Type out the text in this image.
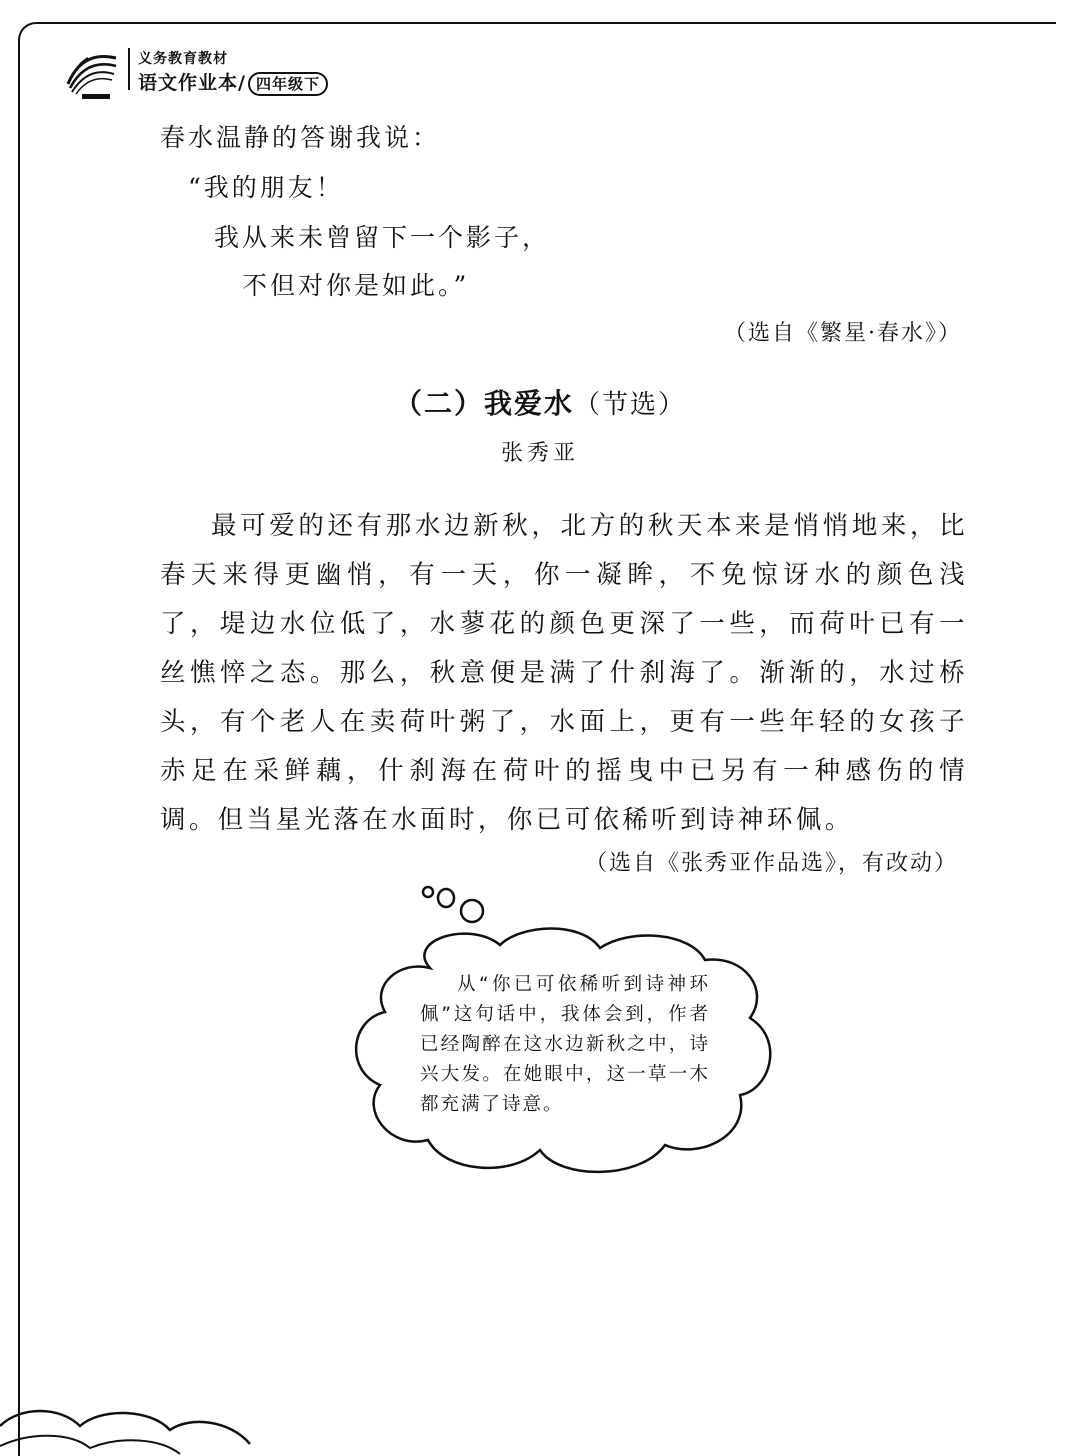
义务教育教材
语文作业本/ 四年级下
春水温静的答谢我说：
“我的朋友！
我从来未曾留下一个影子，
不但对你是如此。”
（选自《繁星·春水》）
（二）我爱水（节选）
张秀亚

最可爱的还有那水边新秋，北方的秋天本来是悄悄地来，比春天来得更幽悄，有一天，你一凝眸，不免惊讶水的颜色浅了，堤边水位低了，水蓼花的颜色更深了一些，而荷叶已有一丝憔悴之态。那么，秋意便是满了什刹海了。渐渐的，水过桥头，有个老人在卖荷叶粥了，水面上，更有一些年轻的女孩子赤足在采鲜藕，什刹海在荷叶的摇曳中已另有一种感伤的情调。但当星光落在水面时，你已可依稀听到诗神环佩。

（选自《张秀亚作品选》，有改动）

从“你已可依稀听到诗神环佩”这句话中，我体会到，作者已经陶醉在这水边新秋之中，诗兴大发。在她眼中，这一草一木都充满了诗意。
